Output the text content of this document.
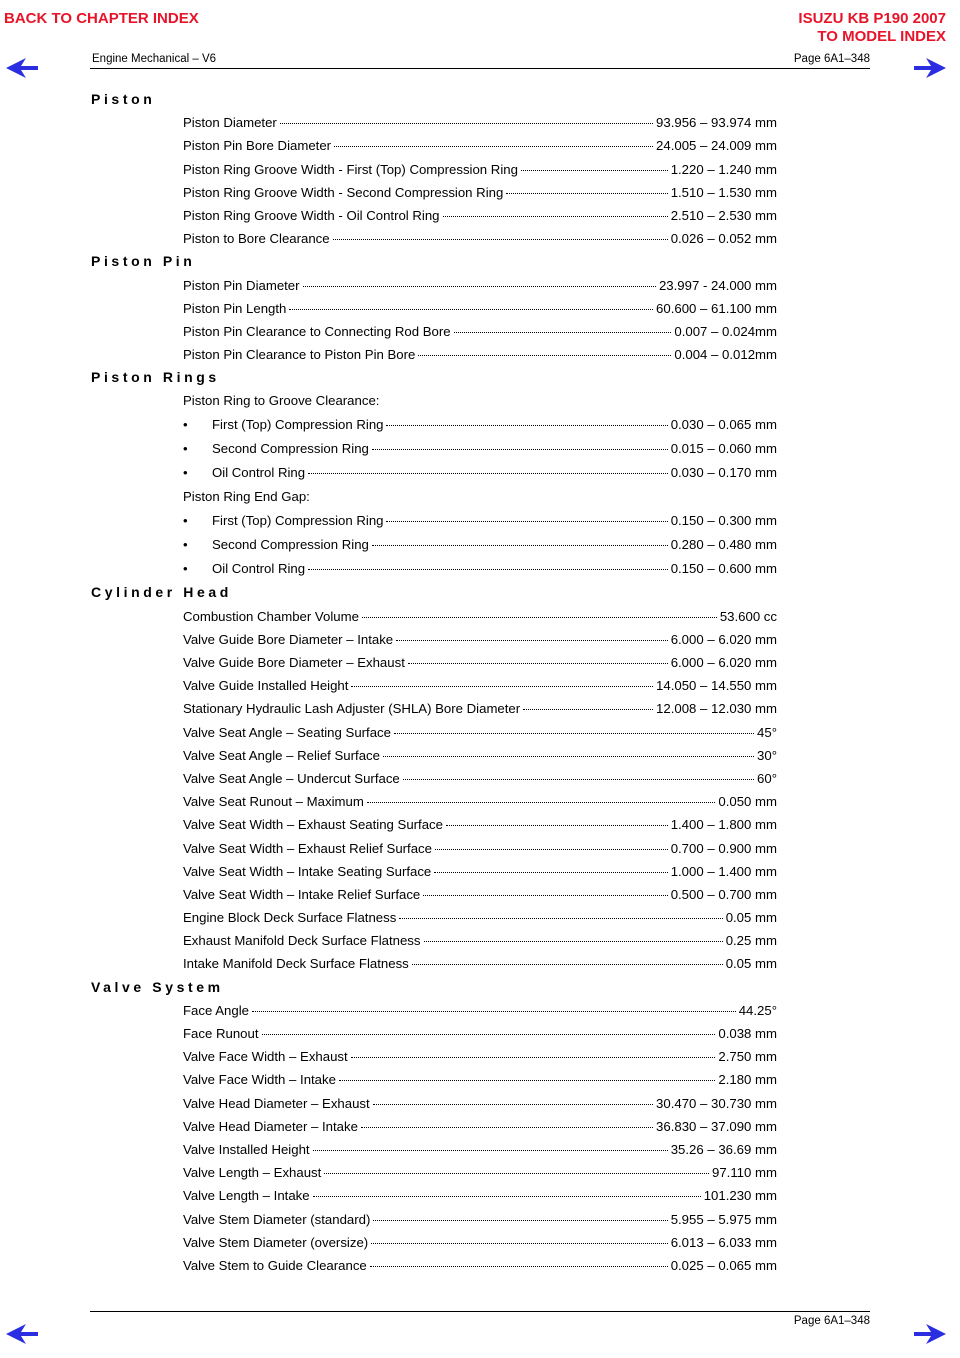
BACK TO CHAPTER INDEX	ISUZU KB P190 2007
TO MODEL INDEX
Engine Mechanical – V6	Page 6A1–348
Piston
Piston Diameter	93.956 – 93.974 mm
Piston Pin Bore Diameter	24.005 – 24.009 mm
Piston Ring Groove Width - First (Top) Compression Ring	1.220 – 1.240 mm
Piston Ring Groove Width - Second Compression Ring	1.510 – 1.530 mm
Piston Ring Groove Width - Oil Control Ring	2.510 – 2.530 mm
Piston to Bore Clearance	0.026 – 0.052 mm
Piston Pin
Piston Pin Diameter	23.997 - 24.000 mm
Piston Pin Length	60.600 – 61.100 mm
Piston Pin Clearance to Connecting Rod Bore	0.007 – 0.024mm
Piston Pin Clearance to Piston Pin Bore	0.004 – 0.012mm
Piston Rings
Piston Ring to Groove Clearance:
•	First (Top) Compression Ring	0.030 – 0.065 mm
•	Second Compression Ring	0.015 – 0.060 mm
•	Oil Control Ring	0.030 – 0.170 mm
Piston Ring End Gap:
•	First (Top) Compression Ring	0.150 – 0.300 mm
•	Second Compression Ring	0.280 – 0.480 mm
•	Oil Control Ring	0.150 – 0.600 mm
Cylinder Head
Combustion Chamber Volume	53.600 cc
Valve Guide Bore Diameter – Intake	6.000 – 6.020 mm
Valve Guide Bore Diameter – Exhaust	6.000 – 6.020 mm
Valve Guide Installed Height	14.050 – 14.550 mm
Stationary Hydraulic Lash Adjuster (SHLA) Bore Diameter	12.008 – 12.030 mm
Valve Seat Angle – Seating Surface	45°
Valve Seat Angle – Relief Surface	30°
Valve Seat Angle – Undercut Surface	60°
Valve Seat Runout – Maximum	0.050 mm
Valve Seat Width – Exhaust Seating Surface	1.400 – 1.800 mm
Valve Seat Width – Exhaust Relief Surface	0.700 – 0.900 mm
Valve Seat Width – Intake Seating Surface	1.000 – 1.400 mm
Valve Seat Width – Intake Relief Surface	0.500 – 0.700 mm
Engine Block Deck Surface Flatness	0.05 mm
Exhaust Manifold Deck Surface Flatness	0.25 mm
Intake Manifold Deck Surface Flatness	0.05 mm
Valve System
Face Angle	44.25°
Face Runout	0.038 mm
Valve Face Width – Exhaust	2.750 mm
Valve Face Width – Intake	2.180 mm
Valve Head Diameter – Exhaust	30.470 – 30.730 mm
Valve Head Diameter – Intake	36.830 – 37.090 mm
Valve Installed Height	35.26 – 36.69 mm
Valve Length – Exhaust	97.110 mm
Valve Length – Intake	101.230 mm
Valve Stem Diameter (standard)	5.955 – 5.975 mm
Valve Stem Diameter (oversize)	6.013 – 6.033 mm
Valve Stem to Guide Clearance	0.025 – 0.065 mm
Page 6A1–348
